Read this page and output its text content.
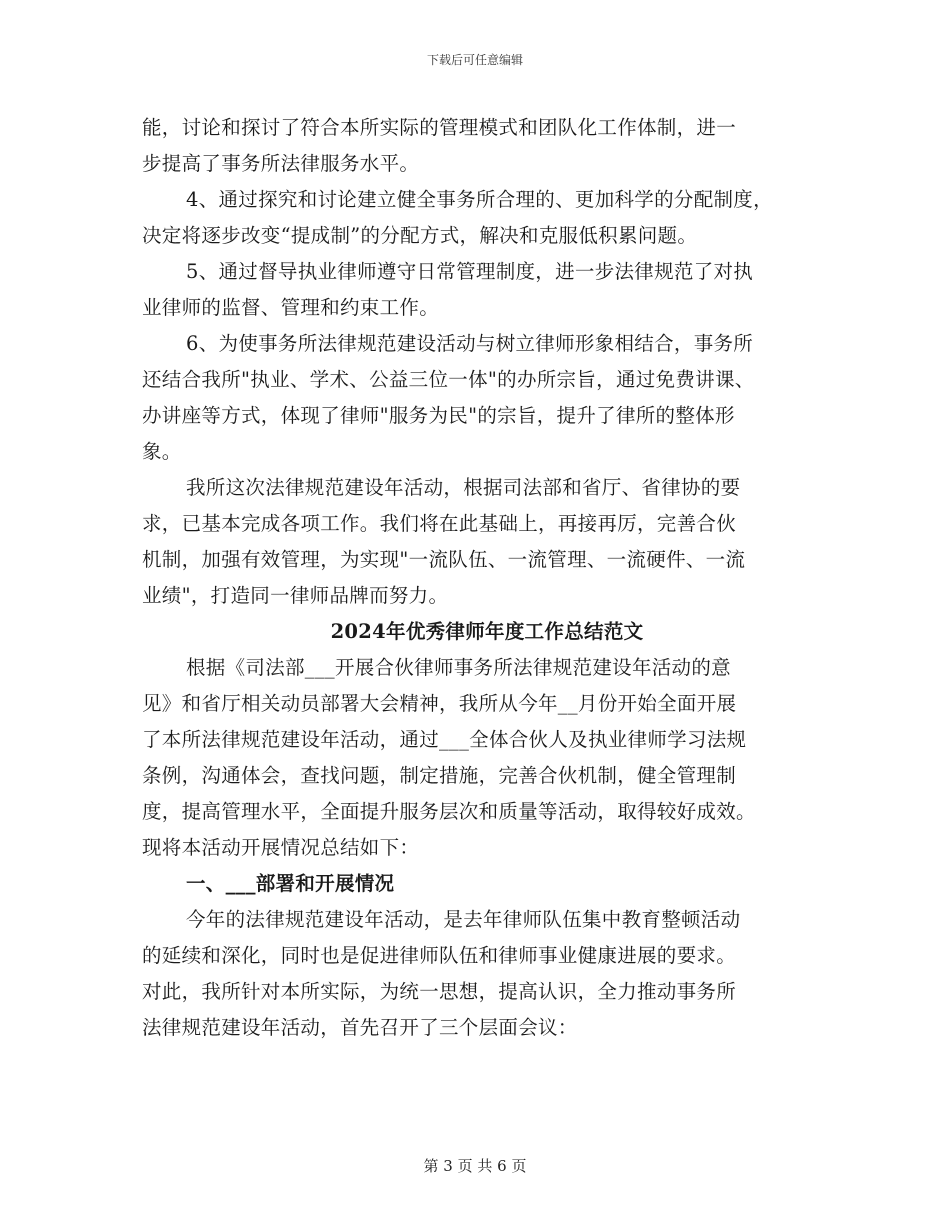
下载后可任意编辑
能，讨论和探讨了符合本所实际的管理模式和团队化工作体制，进一
步提高了事务所法律服务水平。
4、通过探究和讨论建立健全事务所合理的、更加科学的分配制度，
决定将逐步改变“提成制”的分配方式，解决和克服低积累问题。
5、通过督导执业律师遵守日常管理制度，进一步法律规范了对执
业律师的监督、管理和约束工作。
6、为使事务所法律规范建设活动与树立律师形象相结合，事务所
还结合我所"执业、学术、公益三位一体"的办所宗旨，通过免费讲课、
办讲座等方式，体现了律师"服务为民"的宗旨，提升了律所的整体形
象。
我所这次法律规范建设年活动，根据司法部和省厅、省律协的要
求，已基本完成各项工作。我们将在此基础上，再接再厉，完善合伙
机制，加强有效管理，为实现"一流队伍、一流管理、一流硬件、一流
业绩"，打造同一律师品牌而努力。
2024年优秀律师年度工作总结范文
根据《司法部___开展合伙律师事务所法律规范建设年活动的意
见》和省厅相关动员部署大会精神，我所从今年__月份开始全面开展
了本所法律规范建设年活动，通过___全体合伙人及执业律师学习法规
条例，沟通体会，查找问题，制定措施，完善合伙机制，健全管理制
度，提高管理水平，全面提升服务层次和质量等活动，取得较好成效。
现将本活动开展情况总结如下：
一、___部署和开展情况
今年的法律规范建设年活动，是去年律师队伍集中教育整顿活动
的延续和深化，同时也是促进律师队伍和律师事业健康进展的要求。
对此，我所针对本所实际，为统一思想，提高认识，全力推动事务所
法律规范建设年活动，首先召开了三个层面会议：
第 3 页 共 6 页
